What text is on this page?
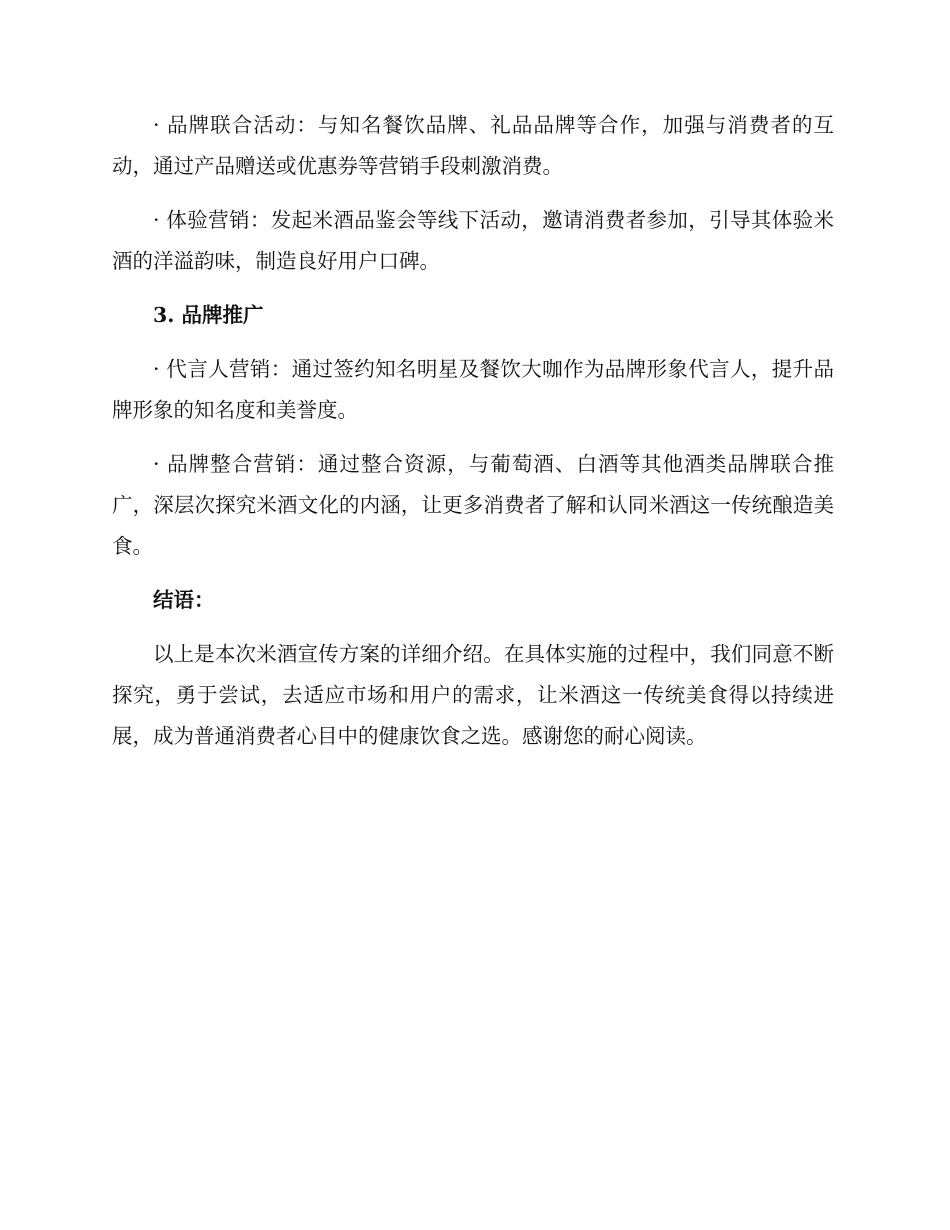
· 品牌联合活动：与知名餐饮品牌、礼品品牌等合作，加强与消费者的互动，通过产品赠送或优惠券等营销手段刺激消费。

· 体验营销：发起米酒品鉴会等线下活动，邀请消费者参加，引导其体验米酒的洋溢韵味，制造良好用户口碑。

3. 品牌推广

· 代言人营销：通过签约知名明星及餐饮大咖作为品牌形象代言人，提升品牌形象的知名度和美誉度。

· 品牌整合营销：通过整合资源，与葡萄酒、白酒等其他酒类品牌联合推广，深层次探究米酒文化的内涵，让更多消费者了解和认同米酒这一传统酿造美食。

结语：

以上是本次米酒宣传方案的详细介绍。在具体实施的过程中，我们同意不断探究，勇于尝试，去适应市场和用户的需求，让米酒这一传统美食得以持续进展，成为普通消费者心目中的健康饮食之选。感谢您的耐心阅读。
